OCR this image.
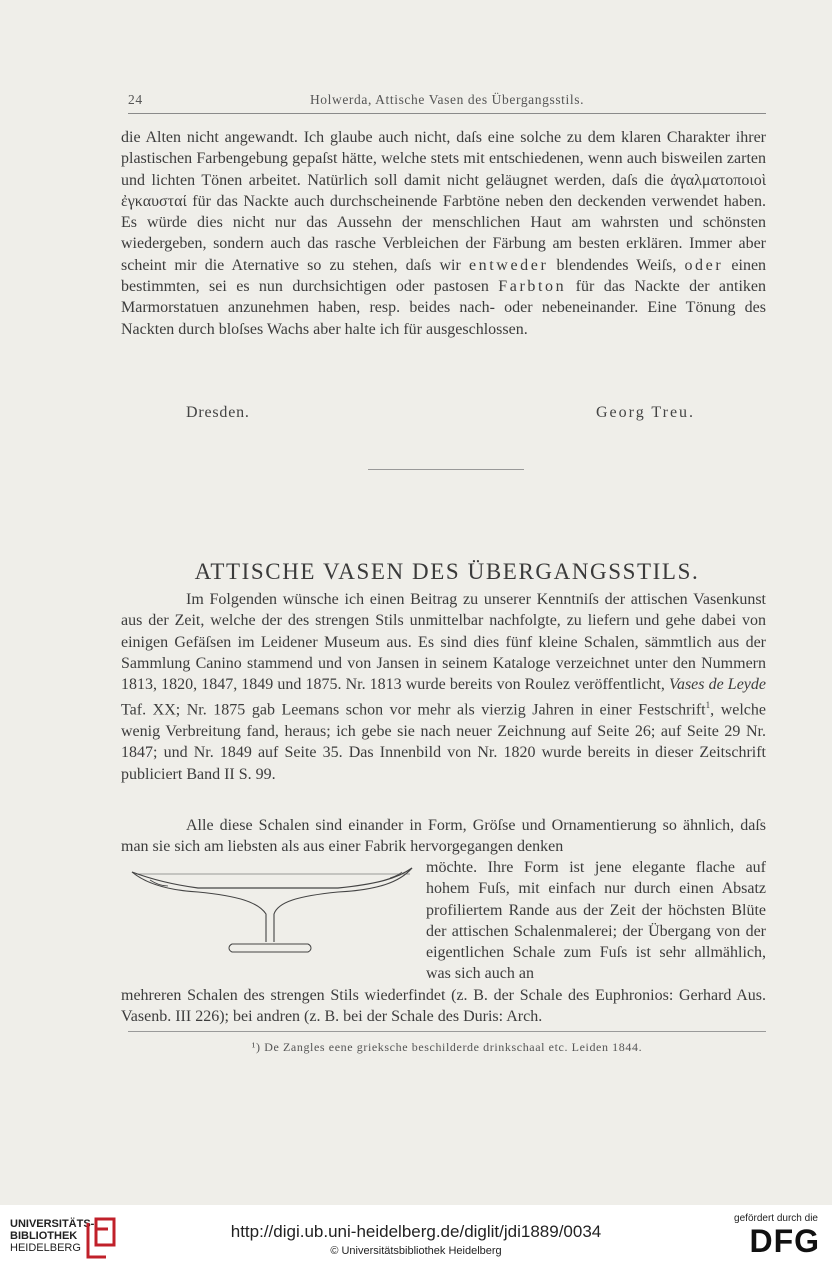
24	Holwerda, Attische Vasen des Übergangsstils.

die Alten nicht angewandt. Ich glaube auch nicht, daſs eine solche zu dem klaren Charakter ihrer plastischen Farbengebung gepaſst hätte, welche stets mit entschiedenen, wenn auch bisweilen zarten und lichten Tönen arbeitet. Natürlich soll damit nicht geläugnet werden, daſs die ἀγαλματοποιοὶ ἐγκαυσταί für das Nackte auch durchscheinende Farbtöne neben den deckenden verwendet haben. Es würde dies nicht nur das Aussehn der menschlichen Haut am wahrsten und schönsten wiedergeben, sondern auch das rasche Verbleichen der Färbung am besten erklären. Immer aber scheint mir die Aternative so zu stehen, daſs wir entweder blendendes Weiſs, oder einen bestimmten, sei es nun durchsichtigen oder pastosen Farbton für das Nackte der antiken Marmorstatuen anzunehmen haben, resp. beides nach- oder nebeneinander. Eine Tönung des Nackten durch bloſses Wachs aber halte ich für ausgeschlossen.

Dresden.	Georg Treu.
ATTISCHE VASEN DES ÜBERGANGSSTILS.

Im Folgenden wünsche ich einen Beitrag zu unserer Kenntniſs der attischen Vasenkunst aus der Zeit, welche der des strengen Stils unmittelbar nachfolgte, zu liefern und gehe dabei von einigen Gefäſsen im Leidener Museum aus. Es sind dies fünf kleine Schalen, sämmtlich aus der Sammlung Canino stammend und von Jansen in seinem Kataloge verzeichnet unter den Nummern 1813, 1820, 1847, 1849 und 1875. Nr. 1813 wurde bereits von Roulez veröffentlicht, Vases de Leyde Taf. XX; Nr. 1875 gab Leemans schon vor mehr als vierzig Jahren in einer Festschrift$^1$, welche wenig Verbreitung fand, heraus; ich gebe sie nach neuer Zeichnung auf Seite 26; auf Seite 29 Nr. 1847; und Nr. 1849 auf Seite 35. Das Innenbild von Nr. 1820 wurde bereits in dieser Zeitschrift publiciert Band II S. 99.

Alle diese Schalen sind einander in Form, Gröſse und Ornamentierung so ähnlich, daſs man sie sich am liebsten als aus einer Fabrik hervorgegangen denken

möchte. Ihre Form ist jene elegante flache auf hohem Fuſs, mit einfach nur durch einen Absatz profiliertem Rande aus der Zeit der höchsten Blüte der attischen Schalenmalerei; der Übergang von der eigentlichen Schale zum Fuſs ist sehr allmählich, was sich auch an
mehreren Schalen des strengen Stils wiederfindet (z. B. der Schale des Euphronios: Gerhard Aus. Vasenb. III 226); bei andren (z. B. bei der Schale des Duris: Arch.
¹) De Zangles eene grieksche beschilderde drinkschaal etc. Leiden 1844.
UNIVERSITÄTS-
BIBLIOTHEK
HEIDELBERG
http://digi.ub.uni-heidelberg.de/diglit/jdi1889/0034
© Universitätsbibliothek Heidelberg
gefördert durch die
DFG
